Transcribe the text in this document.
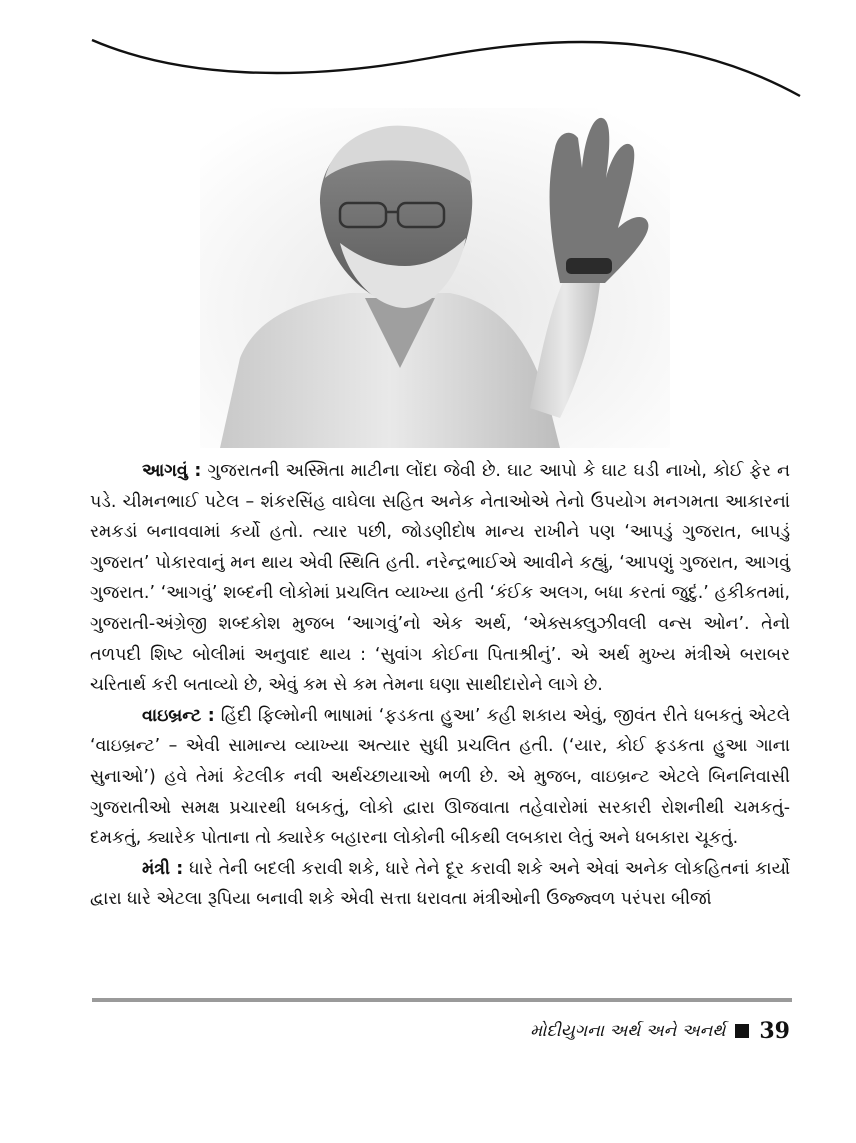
આગવું : ગુજરાતની અસ્મિતા માટીના લોંદા જેવી છે. ઘાટ આપો કે ઘાટ ઘડી નાખો, કોઈ ફેર ન પડે. ચીમનભાઈ પટેલ – શંકરસિંહ વાઘેલા સહિત અનેક નેતાઓએ તેનો ઉપયોગ મનગમતા આકારનાં રમકડાં બનાવવામાં કર્યો હતો. ત્યાર પછી, જોડણીદોષ માન્ય રાખીને પણ ‘આપડું ગુજરાત, બાપડું ગુજરાત’ પોકારવાનું મન થાય એવી સ્થિતિ હતી. નરેન્દ્રભાઈએ આવીને કહ્યું, ‘આપણું ગુજરાત, આગવું ગુજરાત.’ ‘આગવું’ શબ્દની લોકોમાં પ્રચલિત વ્યાખ્યા હતી ‘કંઈક અલગ, બધા કરતાં જુદું.’ હકીકતમાં, ગુજરાતી-અંગ્રેજી શબ્દકોશ મુજબ ‘આગવું’નો એક અર્થ, ‘એક્સક્લુઝીવલી વન્સ ઓન’. તેનો તળપદી શિષ્ટ બોલીમાં અનુવાદ થાય : ‘સુવાંગ કોઈના પિતાશ્રીનું’. એ અર્થ મુખ્ય મંત્રીએ બરાબર ચરિતાર્થ કરી બતાવ્યો છે, એવું કમ સે કમ તેમના ઘણા સાથીદારોને લાગે છે.

વાઇબ્રન્ટ : હિંદી ફિલ્મોની ભાષામાં ‘ફડકતા હુઆ’ કહી શકાય એવું, જીવંત રીતે ધબકતું એટલે ‘વાઇબ્રન્ટ’ – એવી સામાન્ય વ્યાખ્યા અત્યાર સુધી પ્રચલિત હતી. (‘યાર, કોઈ ફડકતા હુઆ ગાના સુનાઓ’) હવે તેમાં કેટલીક નવી અર્થચ્છાયાઓ ભળી છે. એ મુજબ, વાઇબ્રન્ટ એટલે બિનનિવાસી ગુજરાતીઓ સમક્ષ પ્રચારથી ધબકતું, લોકો દ્વારા ઊજવાતા તહેવારોમાં સરકારી રોશનીથી ચમકતું-દમકતું, ક્યારેક પોતાના તો ક્યારેક બહારના લોકોની બીકથી લબકારા લેતું અને ધબકારા ચૂકતું.

મંત્રી : ધારે તેની બદલી કરાવી શકે, ધારે તેને દૂર કરાવી શકે અને એવાં અનેક લોકહિતનાં કાર્યો દ્વારા ધારે એટલા રૂપિયા બનાવી શકે એવી સત્તા ધરાવતા મંત્રીઓની ઉજ્જ્વળ પરંપરા બીજાં

મોદીયુગના અર્થ અને અનર્થ 39
